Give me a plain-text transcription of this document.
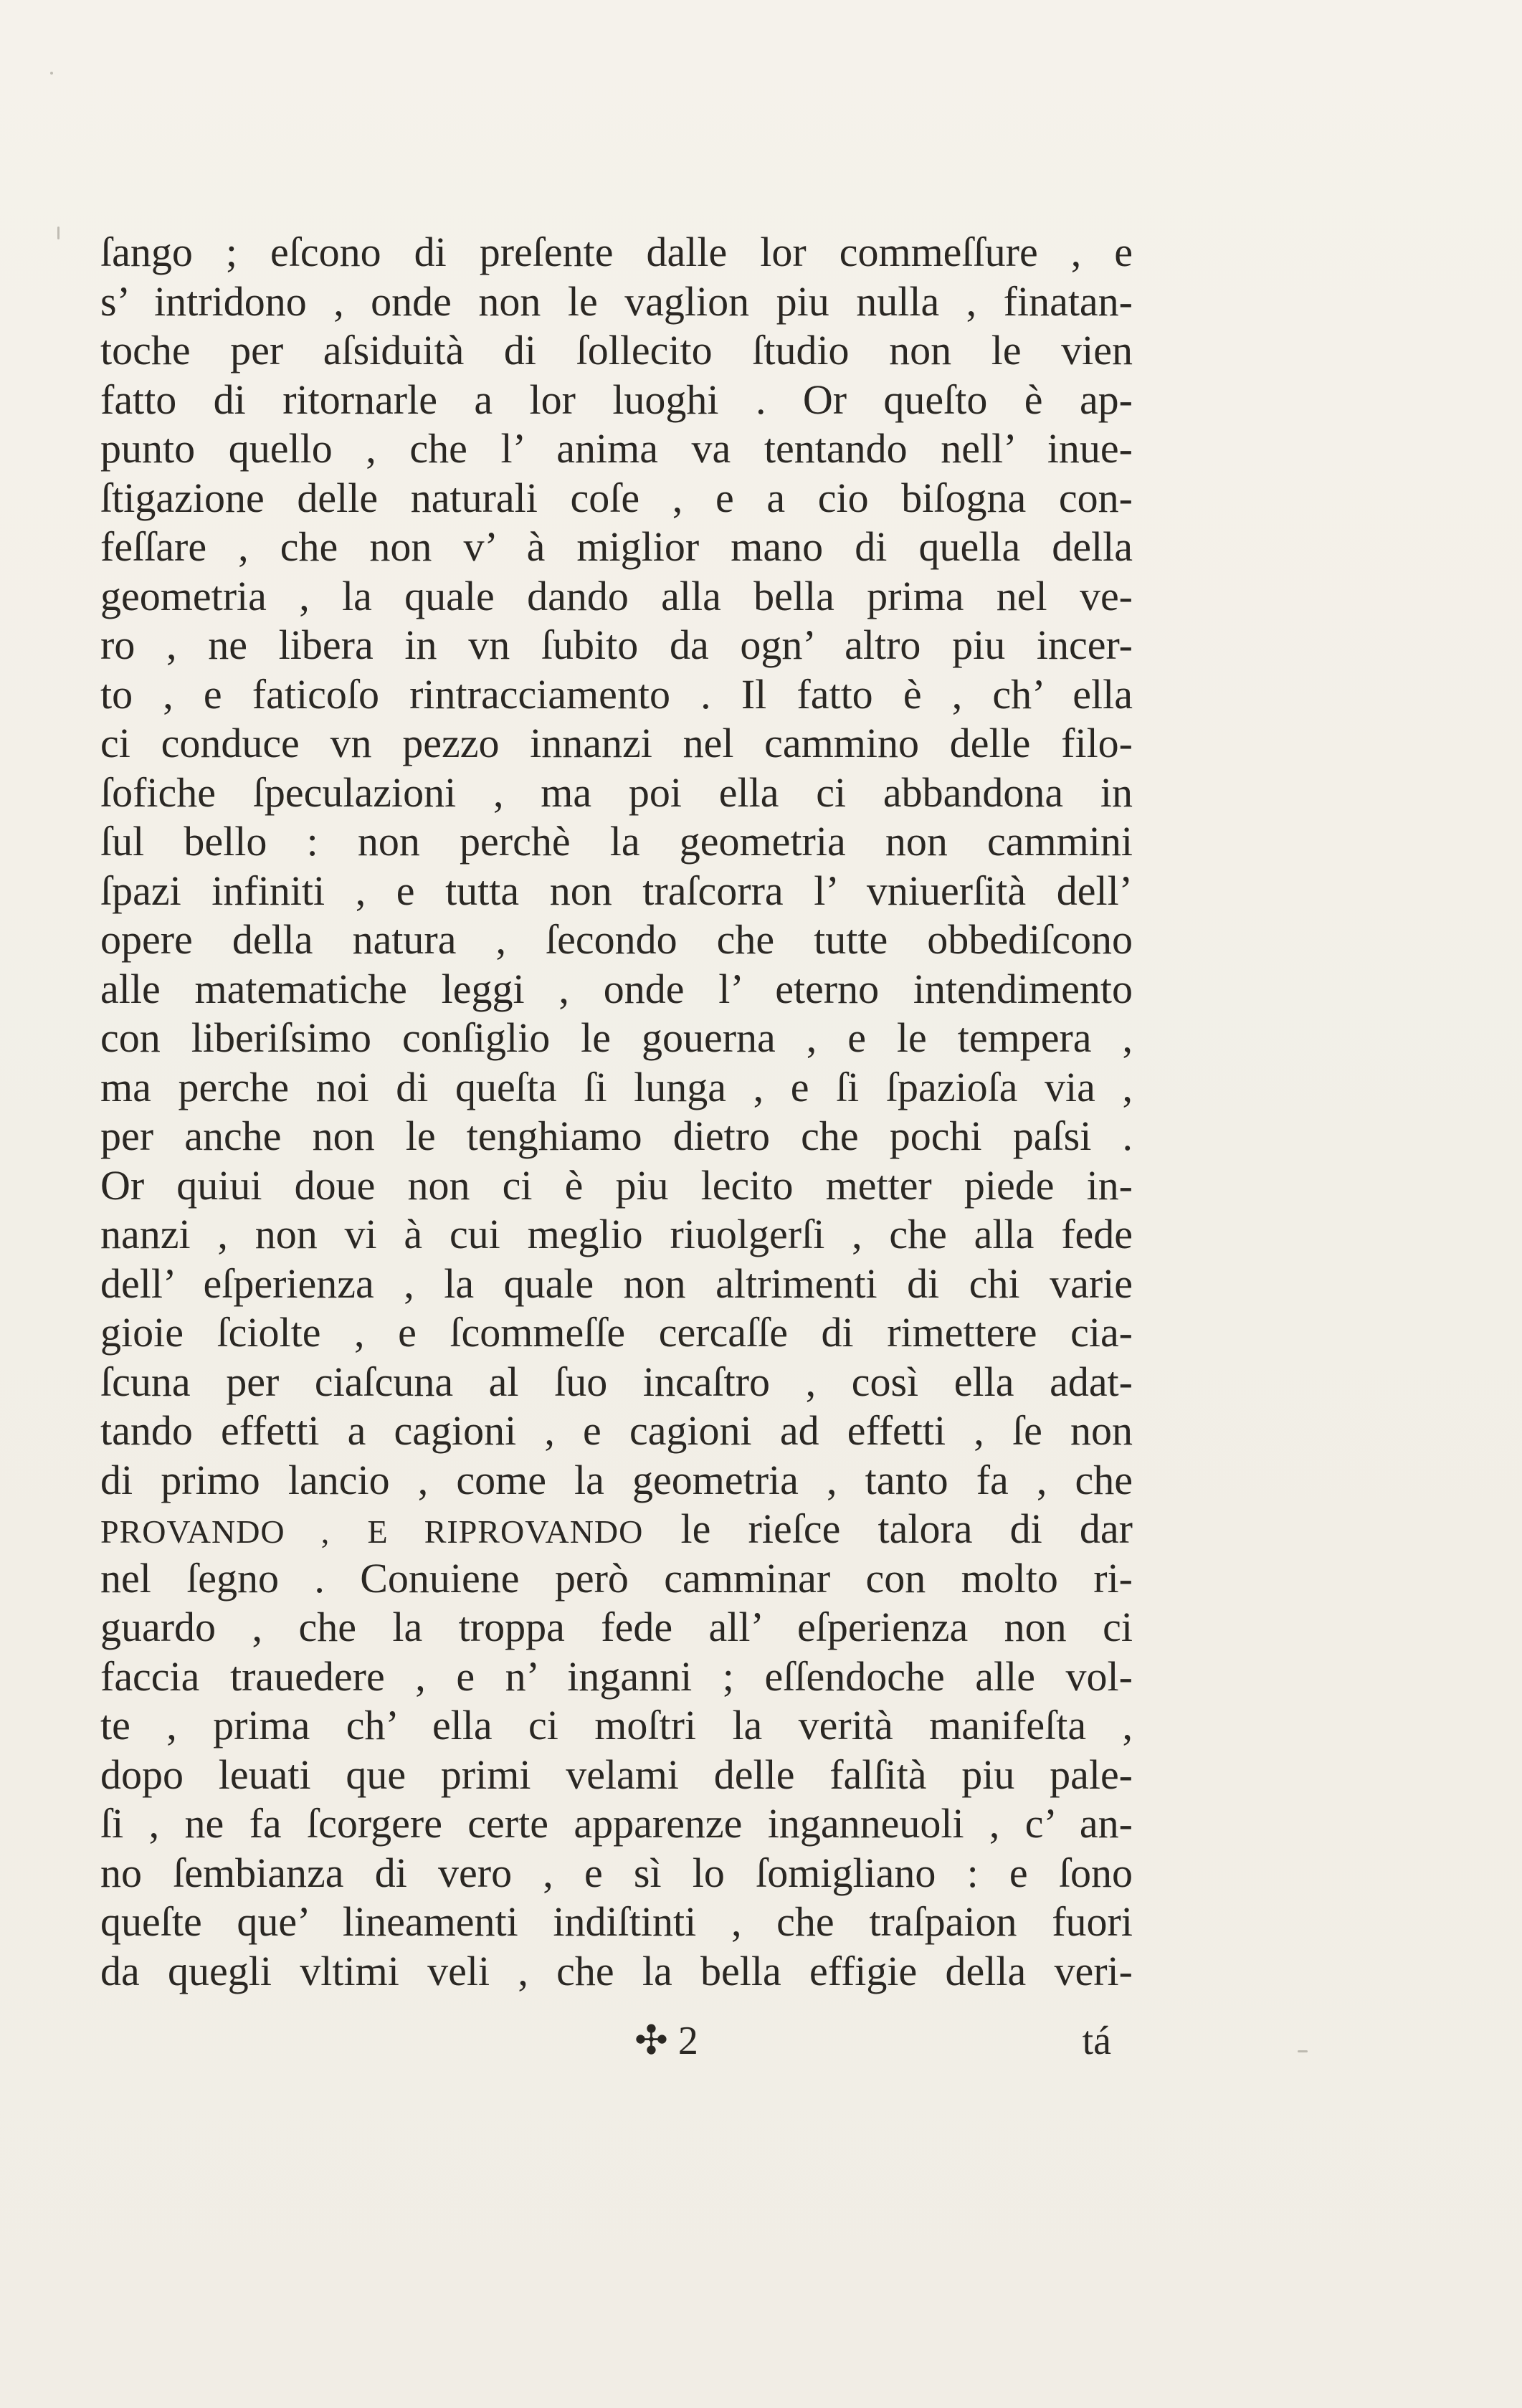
ſango ; eſcono di preſente dalle lor commeſſure , e
s’ intridono , onde non le vaglion piu nulla , finatan-
toche per aſsiduità di ſollecito ſtudio non le vien
fatto di ritornarle a lor luoghi . Or queſto è ap-
punto quello , che l’ anima va tentando nell’ inue-
ſtigazione delle naturali coſe , e a cio biſogna con-
feſſare , che non v’ à miglior mano di quella della
geometria , la quale dando alla bella prima nel ve-
ro , ne libera in vn ſubito da ogn’ altro piu incer-
to , e faticoſo rintracciamento . Il fatto è , ch’ ella
ci conduce vn pezzo innanzi nel cammino delle filo-
ſofiche ſpeculazioni , ma poi ella ci abbandona in
ſul bello : non perchè la geometria non cammini
ſpazi infiniti , e tutta non traſcorra l’ vniuerſità dell’
opere della natura , ſecondo che tutte obbediſcono
alle matematiche leggi , onde l’ eterno intendimento
con liberiſsimo conſiglio le gouerna , e le tempera ,
ma perche noi di queſta ſi lunga , e ſi ſpazioſa via ,
per anche non le tenghiamo dietro che pochi paſsi .
Or quiui doue non ci è piu lecito metter piede in-
nanzi , non vi à cui meglio riuolgerſi , che alla fede
dell’ eſperienza , la quale non altrimenti di chi varie
gioie ſciolte , e ſcommeſſe cercaſſe di rimettere cia-
ſcuna per ciaſcuna al ſuo incaſtro , così ella adat-
tando effetti a cagioni , e cagioni ad effetti , ſe non
di primo lancio , come la geometria , tanto fa , che
PROVANDO , E RIPROVANDO le rieſce talora di dar
nel ſegno . Conuiene però camminar con molto ri-
guardo , che la troppa fede all’ eſperienza non ci
faccia trauedere , e n’ inganni ; eſſendoche alle vol-
te , prima ch’ ella ci moſtri la verità manifeſta ,
dopo leuati que primi velami delle falſità piu pale-
ſi , ne fa ſcorgere certe apparenze inganneuoli , c’ an-
no ſembianza di vero , e sì lo ſomigliano : e ſono
queſte que’ lineamenti indiſtinti , che traſpaion fuori
da quegli vltimi veli , che la bella effigie della veri-
✣ 2	tá
